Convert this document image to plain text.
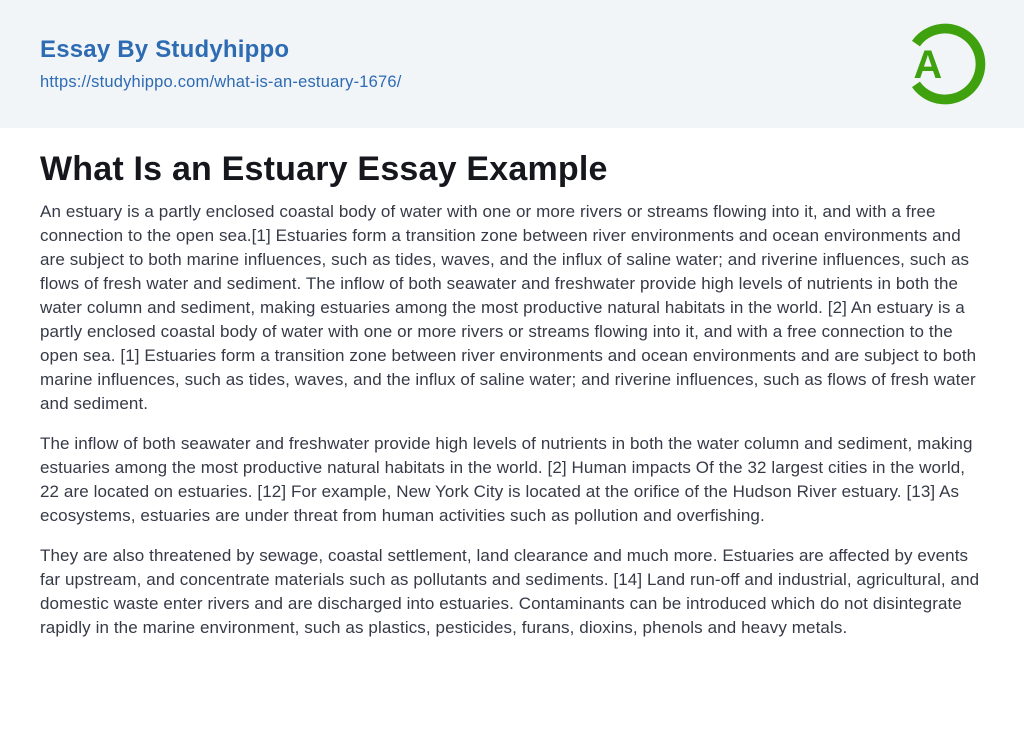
Essay By Studyhippo
https://studyhippo.com/what-is-an-estuary-1676/	A
What Is an Estuary Essay Example

An estuary is a partly enclosed coastal body of water with one or more rivers or streams flowing into it, and with a free connection to the open sea.[1] Estuaries form a transition zone between river environments and ocean environments and are subject to both marine influences, such as tides, waves, and the influx of saline water; and riverine influences, such as flows of fresh water and sediment. The inflow of both seawater and freshwater provide high levels of nutrients in both the water column and sediment, making estuaries among the most productive natural habitats in the world. [2] An estuary is a partly enclosed coastal body of water with one or more rivers or streams flowing into it, and with a free connection to the open sea. [1] Estuaries form a transition zone between river environments and ocean environments and are subject to both marine influences, such as tides, waves, and the influx of saline water; and riverine influences, such as flows of fresh water and sediment.

The inflow of both seawater and freshwater provide high levels of nutrients in both the water column and sediment, making estuaries among the most productive natural habitats in the world. [2] Human impacts Of the 32 largest cities in the world, 22 are located on estuaries. [12] For example, New York City is located at the orifice of the Hudson River estuary. [13] As ecosystems, estuaries are under threat from human activities such as pollution and overfishing.

They are also threatened by sewage, coastal settlement, land clearance and much more. Estuaries are affected by events far upstream, and concentrate materials such as pollutants and sediments. [14] Land run-off and industrial, agricultural, and domestic waste enter rivers and are discharged into estuaries. Contaminants can be introduced which do not disintegrate rapidly in the marine environment, such as plastics, pesticides, furans, dioxins, phenols and heavy metals.
